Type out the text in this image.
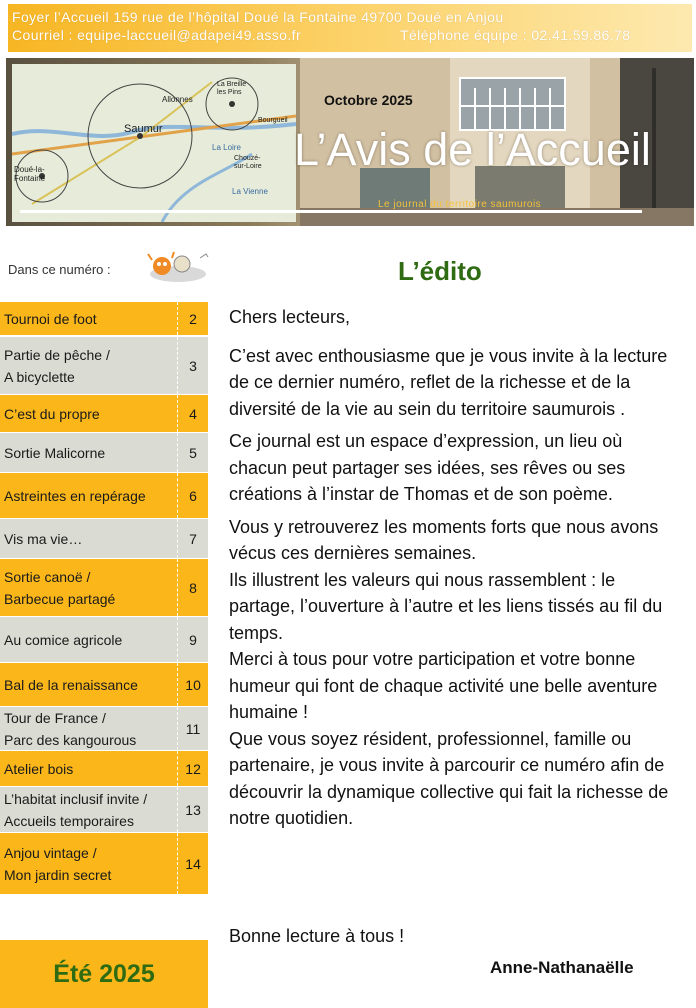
Foyer l’Accueil 159 rue de l’hôpital Doué la Fontaine 49700 Doué en Anjou
Courriel : equipe-laccueil@adapei49.asso.fr	Téléphone équipe : 02.41.59.86.78
Saumur
Doué-la-
Fontaine
Allonnes
La Breille
les Pins
Chouzé-
sur-Loire
Bourgueil
La Vienne
La Loire
Octobre 2025
L’Avis de l’Accueil
Le journal du territoire saumurois
Dans ce numéro :
Tournoi de foot	2
Partie de pêche /
A bicyclette
3
C’est du propre	4
Sortie Malicorne	5
Astreintes en repérage	6
Vis ma vie…	7
Sortie canoë /
Barbecue partagé
8
Au comice agricole	9
Bal de la renaissance	10
Tour de France /
Parc des kangourous
11
Atelier bois	12
L’habitat inclusif invite /
Accueils temporaires
13
Anjou vintage /
Mon jardin secret
14
Été 2025
L’édito

Chers lecteurs,

C’est avec enthousiasme que je vous invite à la lecture de ce dernier numéro, reflet de la richesse et de la diversité de la vie au sein du territoire saumurois .

Ce journal est un espace d’expression, un lieu où chacun peut partager ses idées, ses rêves ou ses créations à l’instar de Thomas et de son poème.

Vous y retrouverez les moments forts que nous avons vécus ces dernières semaines.

Ils illustrent les valeurs qui nous rassemblent : le partage, l’ouverture à l’autre et les liens tissés au fil du temps.

Merci à tous pour votre participation et votre bonne humeur qui font de chaque activité une belle aventure humaine !

Que vous soyez résident, professionnel, famille ou partenaire, je vous invite à parcourir ce numéro afin de découvrir la dynamique collective qui fait la richesse de notre quotidien.

Bonne lecture à tous !
Anne-Nathanaëlle
